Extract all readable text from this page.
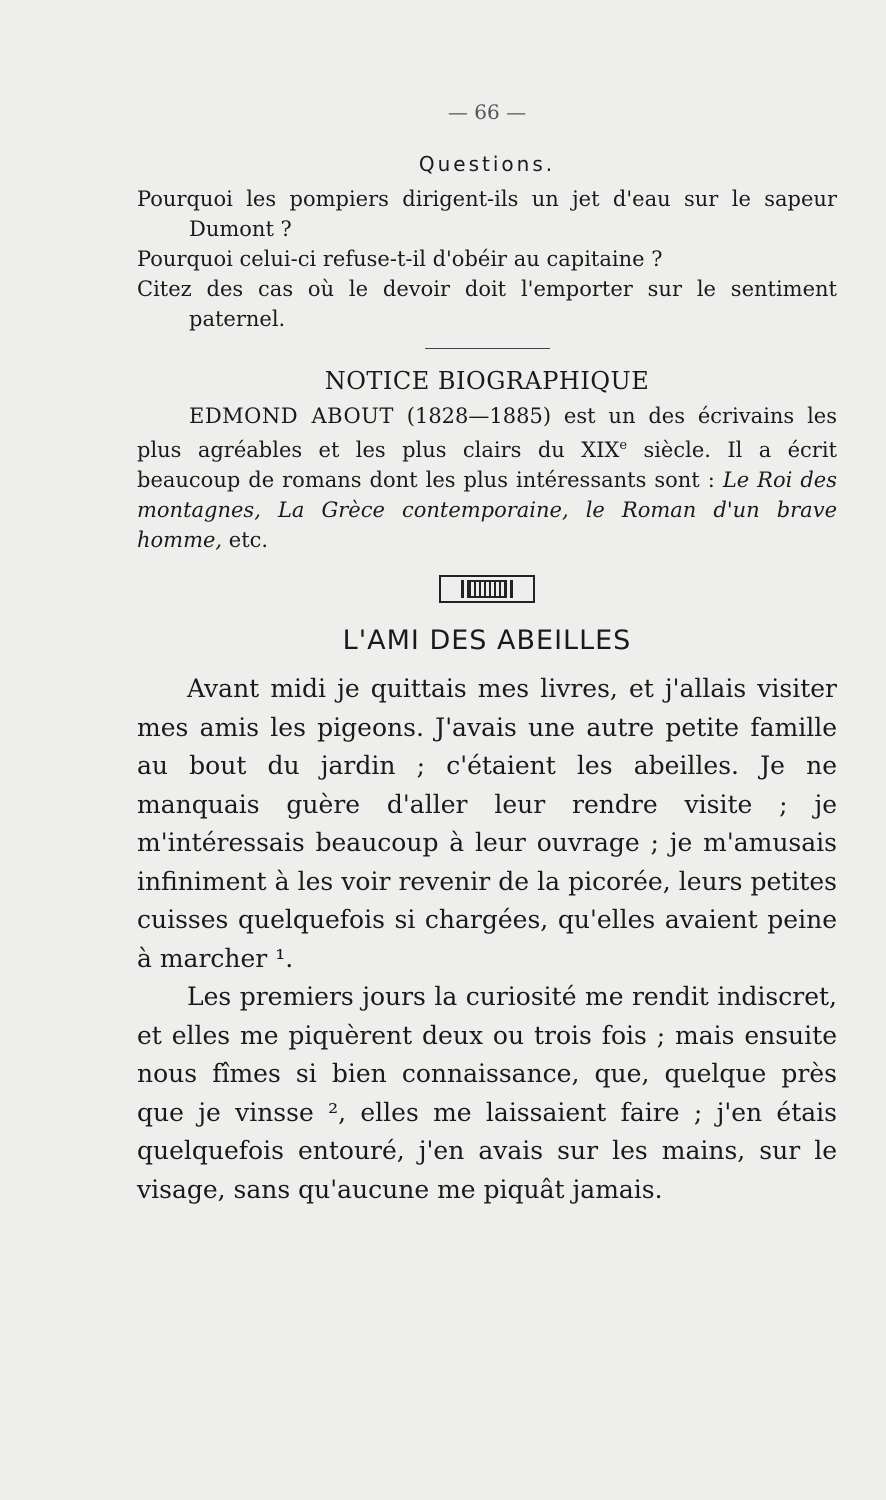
— 66 —
Questions.

Pourquoi les pompiers dirigent-ils un jet d'eau sur le sapeur Dumont ?

Pourquoi celui-ci refuse-t-il d'obéir au capitaine ?

Citez des cas où le devoir doit l'emporter sur le sentiment paternel.

NOTICE BIOGRAPHIQUE

EDMOND ABOUT (1828—1885) est un des écrivains les plus agréables et les plus clairs du XIXe siècle. Il a écrit beaucoup de romans dont les plus intéressants sont : Le Roi des montagnes, La Grèce contemporaine, le Roman d'un brave homme, etc.

L'AMI DES ABEILLES

Avant midi je quittais mes livres, et j'allais visiter mes amis les pigeons. J'avais une autre petite famille au bout du jardin ; c'étaient les abeilles. Je ne manquais guère d'aller leur rendre visite ; je m'intéressais beaucoup à leur ouvrage ; je m'amusais infiniment à les voir revenir de la picorée, leurs petites cuisses quelquefois si chargées, qu'elles avaient peine à marcher ¹.

Les premiers jours la curiosité me rendit indiscret, et elles me piquèrent deux ou trois fois ; mais ensuite nous fîmes si bien connaissance, que, quelque près que je vinsse ², elles me laissaient faire ; j'en étais quelquefois entouré, j'en avais sur les mains, sur le visage, sans qu'aucune me piquât jamais.
